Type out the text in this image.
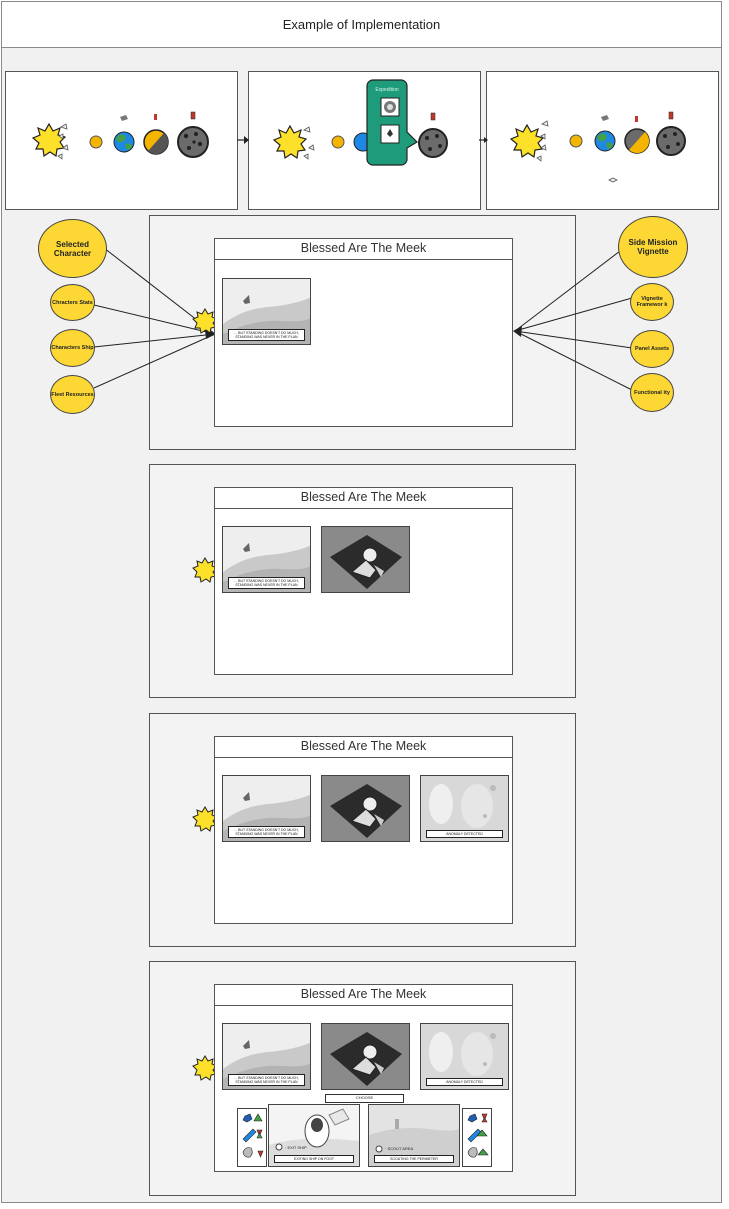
Example of Implementation
Expedition
·
·
Selected Character
Chracters Stats
Characters Ship
Fleet Resources
Side Mission Vignette
Vignette Framewor k
Panel Assets
Functional ity
Blessed Are The Meek
... BUT STANDING DOESN'T DO MUCH, STANDING WAS NEVER IN THE PLAN
Blessed Are The Meek
... BUT STANDING DOESN'T DO MUCH, STANDING WAS NEVER IN THE PLAN
Blessed Are The Meek
... BUT STANDING DOESN'T DO MUCH, STANDING WAS NEVER IN THE PLAN	ANOMALY DETECTED
Blessed Are The Meek
... BUT STANDING DOESN'T DO MUCH, STANDING WAS NEVER IN THE PLAN	ANOMALY DETECTED
CHOOSE
· EXIT SHIP
EXITING SHIP ON FOOT
· SCOUT AREA
SCOUTING THE PERIMETER
